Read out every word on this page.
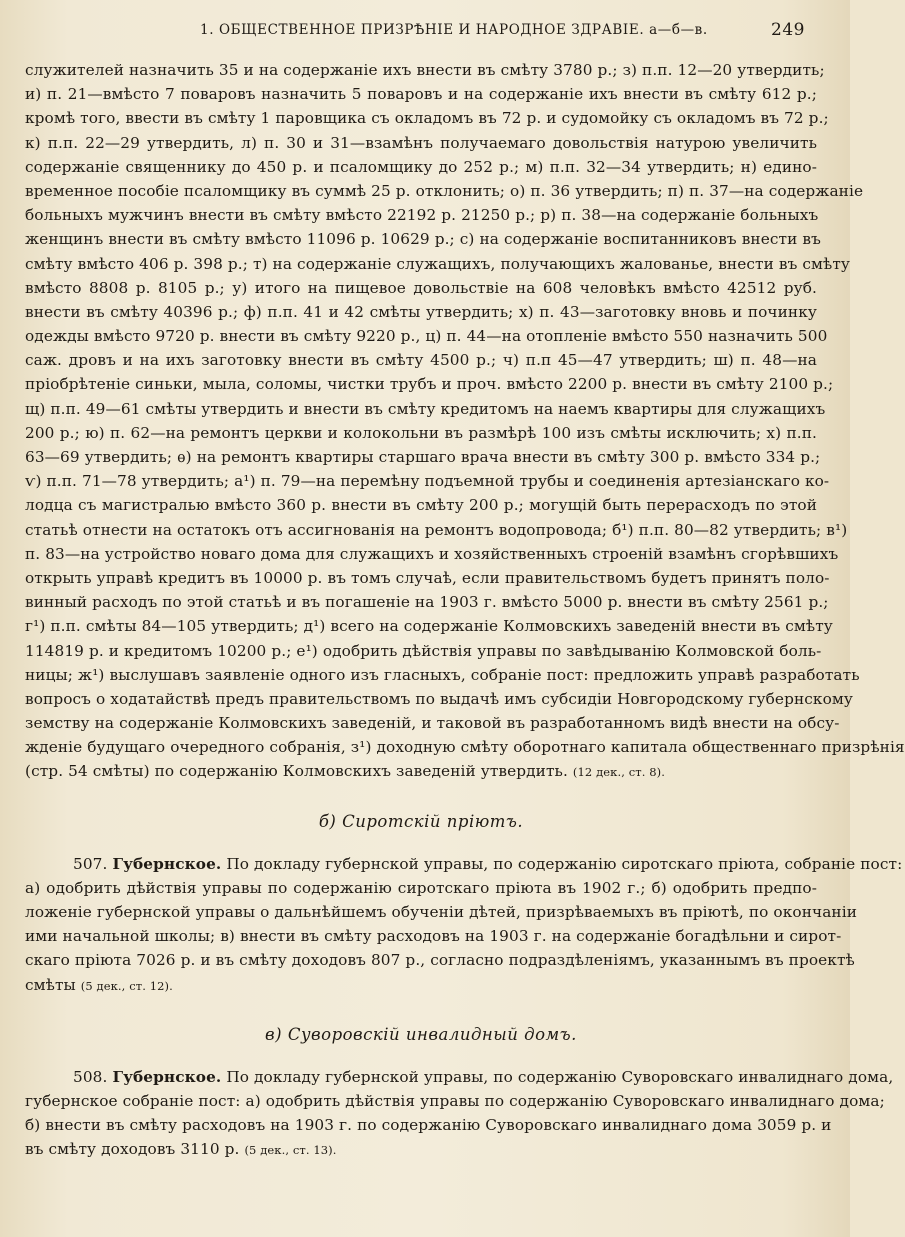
1. ОБЩЕСТВЕННОЕ ПРИЗРѢНІЕ И НАРОДНОЕ ЗДРАВІЕ. а—б—в.	249
служителей назначить 35 и на содержаніе ихъ внести въ смѣту 3780 р.; з) п.п. 12—20 утвердить;
и) п. 21—вмѣсто 7 поваровъ назначить 5 поваровъ и на содержаніе ихъ внести въ смѣту 612 р.;
кромѣ того, ввести въ смѣту 1 паровщика съ окладомъ въ 72 р. и судомойку съ окладомъ въ 72 р.;
к) п.п. 22—29 утвердить, л) п. 30 и 31—взамѣнъ получаемаго довольствія натурою увеличить
содержаніе священнику до 450 р. и псаломщику до 252 р.; м) п.п. 32—34 утвердить; н) едино-
временное пособіе псаломщику въ суммѣ 25 р. отклонить; о) п. 36 утвердить; п) п. 37—на содержаніе
больныхъ мужчинъ внести въ смѣту вмѣсто 22192 р. 21250 р.; р) п. 38—на содержаніе больныхъ
женщинъ внести въ смѣту вмѣсто 11096 р. 10629 р.; с) на содержаніе воспитанниковъ внести въ
смѣту вмѣсто 406 р. 398 р.; т) на содержаніе служащихъ, получающихъ жалованье, внести въ смѣту
вмѣсто 8808 р. 8105 р.; у) итого на пищевое довольствіе на 608 человѣкъ вмѣсто 42512 руб.
внести въ смѣту 40396 р.; ф) п.п. 41 и 42 смѣты утвердить; х) п. 43—заготовку вновь и починку
одежды вмѣсто 9720 р. внести въ смѣту 9220 р., ц) п. 44—на отопленіе вмѣсто 550 назначить 500
саж. дровъ и на ихъ заготовку внести въ смѣту 4500 р.; ч) п.п 45—47 утвердить; ш) п. 48—на
пріобрѣтеніе синьки, мыла, соломы, чистки трубъ и проч. вмѣсто 2200 р. внести въ смѣту 2100 р.;
щ) п.п. 49—61 смѣты утвердить и внести въ смѣту кредитомъ на наемъ квартиры для служащихъ
200 р.; ю) п. 62—на ремонтъ церкви и колокольни въ размѣрѣ 100 изъ смѣты исключить; х) п.п.
63—69 утвердить; ѳ) на ремонтъ квартиры старшаго врача внести въ смѣту 300 р. вмѣсто 334 р.;
ѵ) п.п. 71—78 утвердить; а¹) п. 79—на перемѣну подъемной трубы и соединенія артезіанскаго ко-
лодца съ магистралью вмѣсто 360 р. внести въ смѣту 200 р.; могущій быть перерасходъ по этой
статьѣ отнести на остатокъ отъ ассигнованія на ремонтъ водопровода; б¹) п.п. 80—82 утвердить; в¹)
п. 83—на устройство новаго дома для служащихъ и хозяйственныхъ строеній взамѣнъ сгорѣвшихъ
открыть управѣ кредитъ въ 10000 р. въ томъ случаѣ, если правительствомъ будетъ принятъ поло-
винный расходъ по этой статьѣ и въ погашеніе на 1903 г. вмѣсто 5000 р. внести въ смѣту 2561 р.;
г¹) п.п. смѣты 84—105 утвердить; д¹) всего на содержаніе Колмовскихъ заведеній внести въ смѣту
114819 р. и кредитомъ 10200 р.; е¹) одобрить дѣйствія управы по завѣдыванію Колмовской боль-
ницы; ж¹) выслушавъ заявленіе одного изъ гласныхъ, собраніе пост: предложить управѣ разработать
вопросъ о ходатайствѣ предъ правительствомъ по выдачѣ имъ субсидіи Новгородскому губернскому
земству на содержаніе Колмовскихъ заведеній, и таковой въ разработанномъ видѣ внести на обсу-
жденіе будущаго очередного собранія, з¹) доходную смѣту оборотнаго капитала общественнаго призрѣнія
(стр. 54 смѣты) по содержанію Колмовскихъ заведеній утвердить. (12 дек., ст. 8).
б) Сиротскій пріютъ.
507. Губернское. По докладу губернской управы, по содержанію сиротскаго пріюта, собраніе пост:
а) одобрить дѣйствія управы по содержанію сиротскаго пріюта въ 1902 г.; б) одобрить предпо-
ложеніе губернской управы о дальнѣйшемъ обученіи дѣтей, призрѣваемыхъ въ пріютѣ, по окончаніи
ими начальной школы; в) внести въ смѣту расходовъ на 1903 г. на содержаніе богадѣльни и сирот-
скаго пріюта 7026 р. и въ смѣту доходовъ 807 р., согласно подраздѣленіямъ, указаннымъ въ проектѣ
смѣты (5 дек., ст. 12).
в) Суворовскій инвалидный домъ.
508. Губернское. По докладу губернской управы, по содержанію Суворовскаго инвалиднаго дома,
губернское собраніе пост: а) одобрить дѣйствія управы по содержанію Суворовскаго инвалиднаго дома;
б) внести въ смѣту расходовъ на 1903 г. по содержанію Суворовскаго инвалиднаго дома 3059 р. и
въ смѣту доходовъ 3110 р. (5 дек., ст. 13).
